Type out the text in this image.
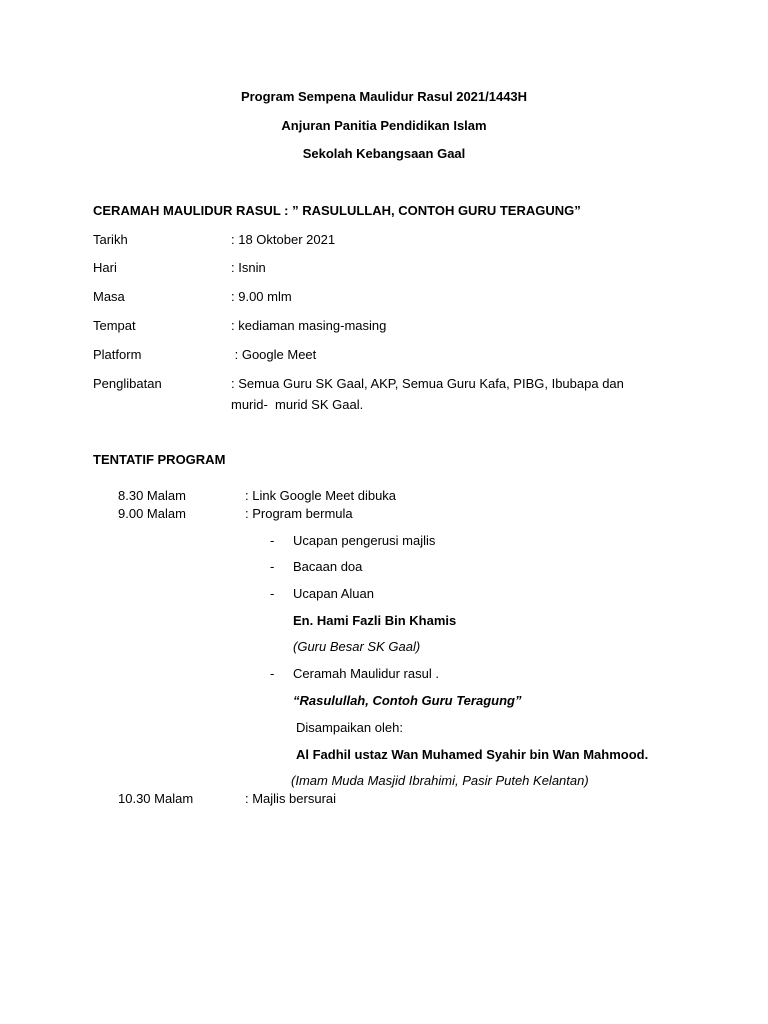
Program Sempena Maulidur Rasul 2021/1443H
Anjuran Panitia Pendidikan Islam
Sekolah Kebangsaan Gaal
CERAMAH MAULIDUR RASUL : ” RASULULLAH, CONTOH GURU TERAGUNG”
Tarikh	: 18 Oktober 2021
Hari	: Isnin
Masa	: 9.00 mlm
Tempat	: kediaman masing-masing
Platform	: Google Meet
Penglibatan	: Semua Guru SK Gaal, AKP, Semua Guru Kafa, PIBG, Ibubapa dan
murid-  murid SK Gaal.
TENTATIF PROGRAM
8.30 Malam	: Link Google Meet dibuka
9.00 Malam	: Program bermula
- Ucapan pengerusi majlis
- Bacaan doa
- Ucapan Aluan
En. Hami Fazli Bin Khamis
(Guru Besar SK Gaal)
- Ceramah Maulidur rasul .
“Rasulullah, Contoh Guru Teragung”
Disampaikan oleh:
Al Fadhil ustaz Wan Muhamed Syahir bin Wan Mahmood.
(Imam Muda Masjid Ibrahimi, Pasir Puteh Kelantan)
10.30 Malam	: Majlis bersurai
